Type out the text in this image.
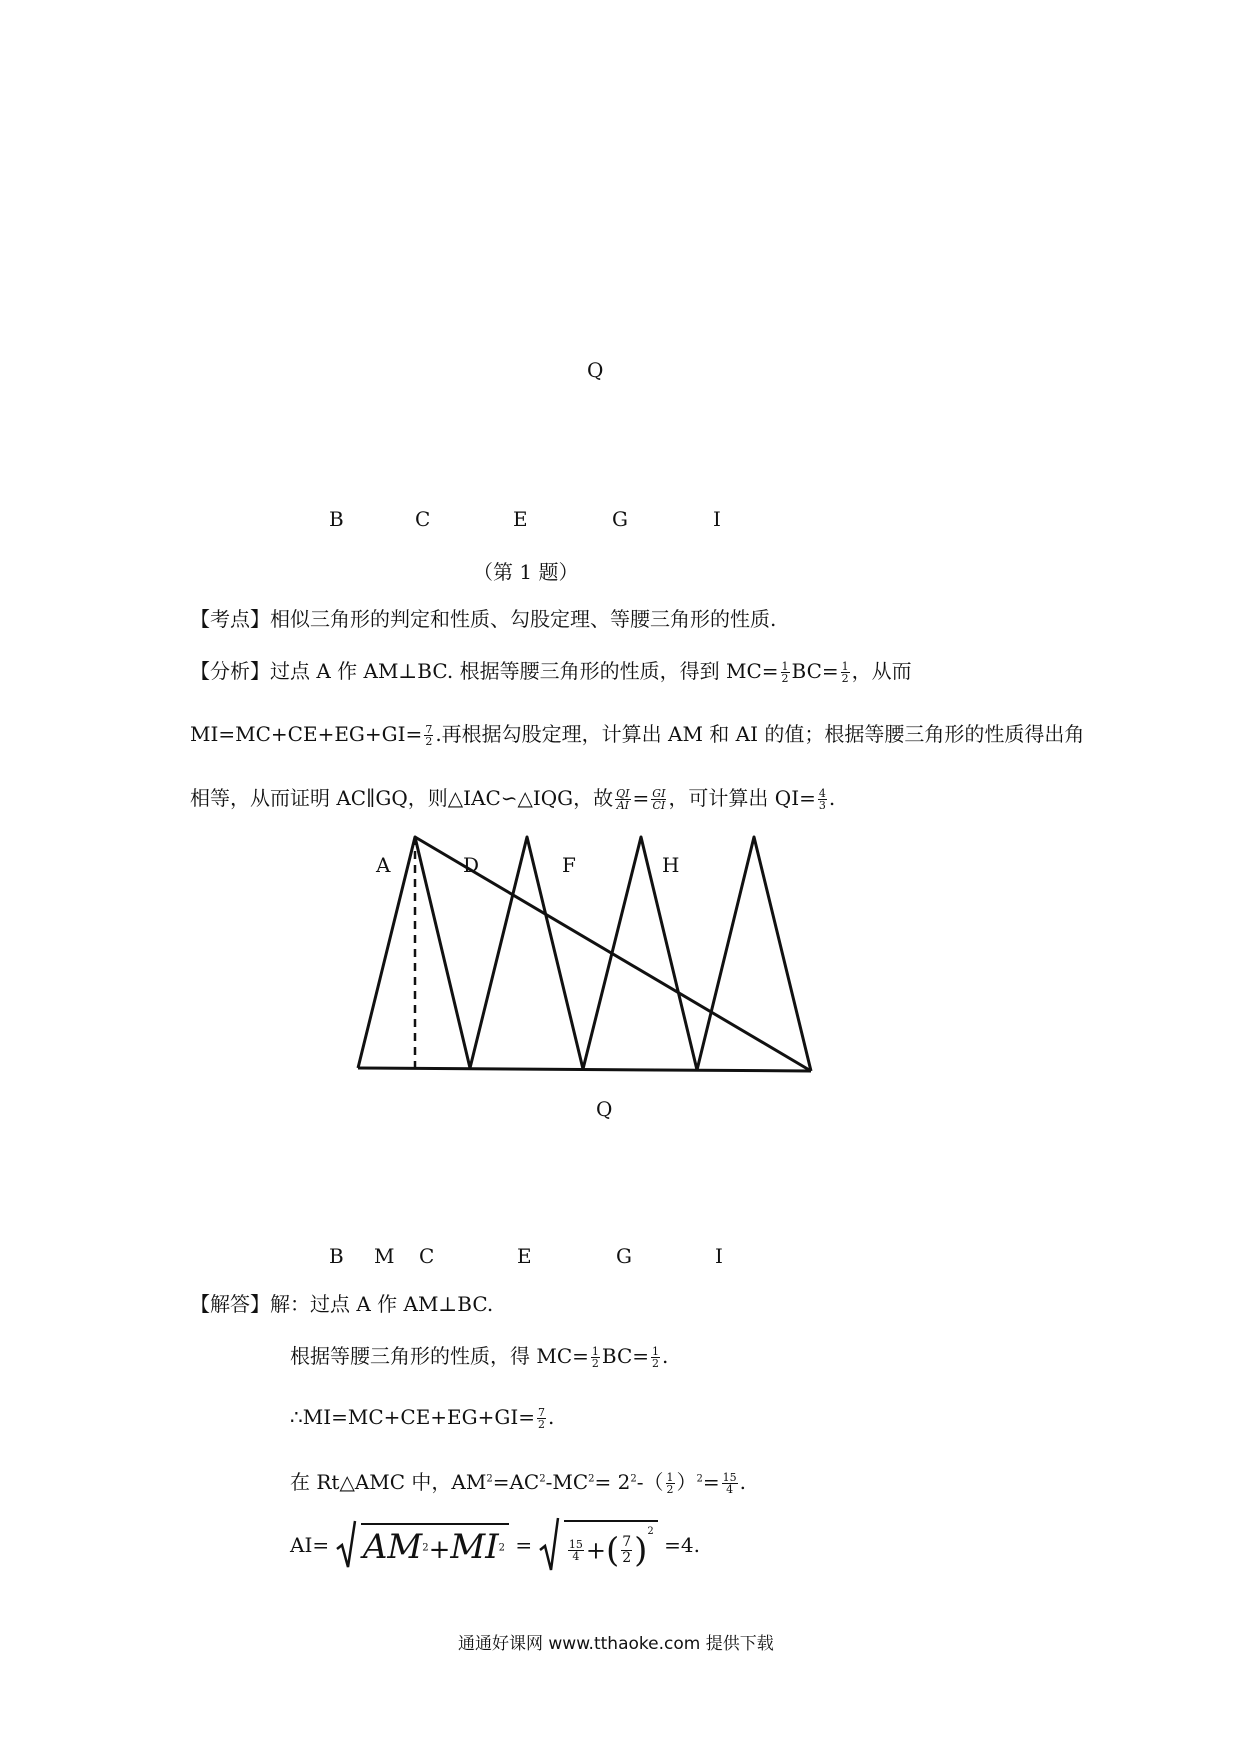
Q
B	C	E	G	I
（第 1 题）
【考点】相似三角形的判定和性质、勾股定理、等腰三角形的性质.
【分析】过点 A 作 AM⊥BC. 根据等腰三角形的性质，得到 $MC= \frac{1}{2} BC= \frac{1}{2}$ ，从而
$MI=MC+CE+EG+GI= \frac{7}{2}$ .再根据勾股定理，计算出 AM 和 AI 的值；根据等腰三角形的性质得出角
相等，从而证明 AC∥GQ，则△IAC∽△IQG，故 $\frac{QI}{AI} = \frac{GI}{CI}$ ，可计算出 $QI= \frac{4}{3}$ .
A	D	F	H
Q
B M C	E	G	I
【解答】解：过点 A 作 AM⊥BC.
根据等腰三角形的性质，得 $MC= \frac{1}{2} BC= \frac{1}{2}$ .
∴MI=MC+CE+EG+GI= $\frac{7}{2}$ .
在 Rt△AMC 中，$AM^2=AC^2-MC^2= 2^2-( \frac{1}{2} )^2= \frac{15}{4}$ .
$AI= AM^2+MI^2$ =	$\frac{15}{4}$ +( $\frac{7}{2} )^2 =4$.
通通好课网 www.tthaoke.com 提供下载
